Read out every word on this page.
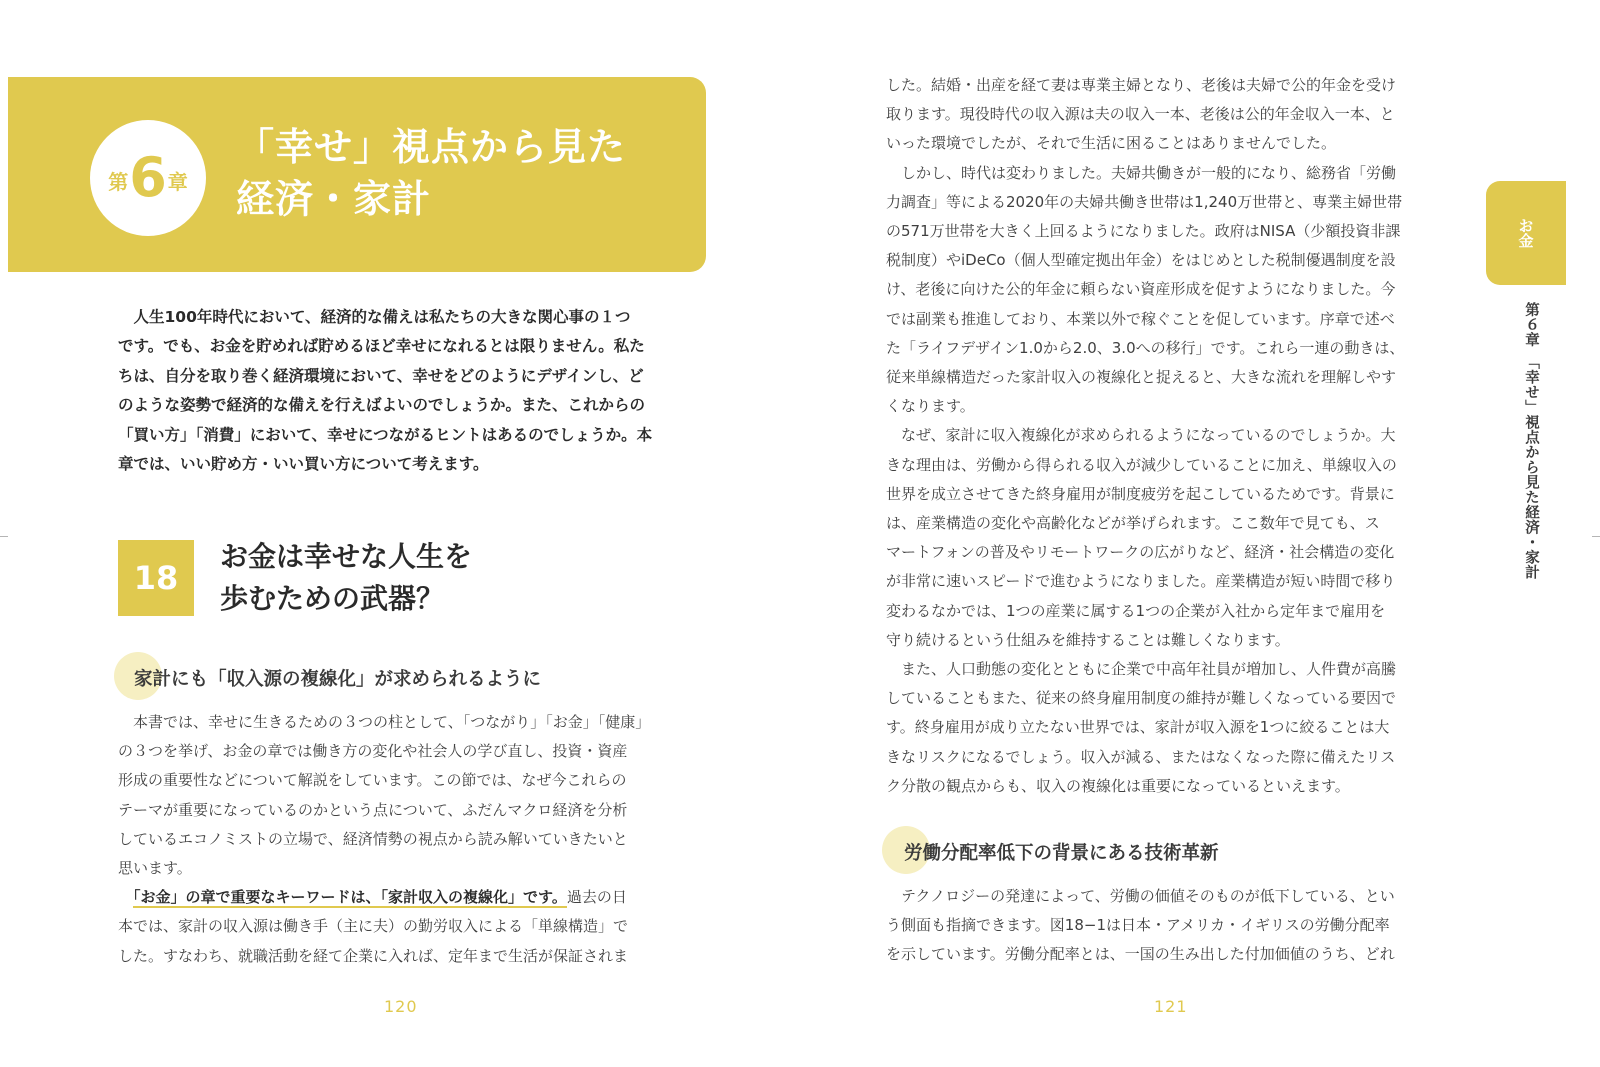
第 6 章
「幸せ」視点から見た
経済・家計
　人生100年時代において、経済的な備えは私たちの大きな関心事の１つ
です。でも、お金を貯めれば貯めるほど幸せになれるとは限りません。私た
ちは、自分を取り巻く経済環境において、幸せをどのようにデザインし、ど
のような姿勢で経済的な備えを行えばよいのでしょうか。また、これからの
「買い方」「消費」において、幸せにつながるヒントはあるのでしょうか。本
章では、いい貯め方・いい買い方について考えます。
18
お金は幸せな人生を
歩むための武器？
家計にも「収入源の複線化」が求められるように
　本書では、幸せに生きるための３つの柱として、「つながり」「お金」「健康」
の３つを挙げ、お金の章では働き方の変化や社会人の学び直し、投資・資産
形成の重要性などについて解説をしています。この節では、なぜ今これらの
テーマが重要になっているのかという点について、ふだんマクロ経済を分析
しているエコノミストの立場で、経済情勢の視点から読み解いていきたいと
思います。
　「お金」の章で重要なキーワードは、「家計収入の複線化」です。過去の日
本では、家計の収入源は働き手（主に夫）の勤労収入による「単線構造」で
した。すなわち、就職活動を経て企業に入れば、定年まで生活が保証されま
120
した。結婚・出産を経て妻は専業主婦となり、老後は夫婦で公的年金を受け
取ります。現役時代の収入源は夫の収入一本、老後は公的年金収入一本、と
いった環境でしたが、それで生活に困ることはありませんでした。
　しかし、時代は変わりました。夫婦共働きが一般的になり、総務省「労働
力調査」等による2020年の夫婦共働き世帯は1,240万世帯と、専業主婦世帯
の571万世帯を大きく上回るようになりました。政府はNISA（少額投資非課
税制度）やiDeCo（個人型確定拠出年金）をはじめとした税制優遇制度を設
け、老後に向けた公的年金に頼らない資産形成を促すようになりました。今
では副業も推進しており、本業以外で稼ぐことを促しています。序章で述べ
た「ライフデザイン1.0から2.0、3.0への移行」です。これら一連の動きは、
従来単線構造だった家計収入の複線化と捉えると、大きな流れを理解しやす
くなります。
　なぜ、家計に収入複線化が求められるようになっているのでしょうか。大
きな理由は、労働から得られる収入が減少していることに加え、単線収入の
世界を成立させてきた終身雇用が制度疲労を起こしているためです。背景に
は、産業構造の変化や高齢化などが挙げられます。ここ数年で見ても、ス
マートフォンの普及やリモートワークの広がりなど、経済・社会構造の変化
が非常に速いスピードで進むようになりました。産業構造が短い時間で移り
変わるなかでは、1つの産業に属する1つの企業が入社から定年まで雇用を
守り続けるという仕組みを維持することは難しくなります。
　また、人口動態の変化とともに企業で中高年社員が増加し、人件費が高騰
していることもまた、従来の終身雇用制度の維持が難しくなっている要因で
す。終身雇用が成り立たない世界では、家計が収入源を1つに絞ることは大
きなリスクになるでしょう。収入が減る、またはなくなった際に備えたリス
ク分散の観点からも、収入の複線化は重要になっているといえます。
労働分配率低下の背景にある技術革新
　テクノロジーの発達によって、労働の価値そのものが低下している、とい
う側面も指摘できます。図18−1は日本・アメリカ・イギリスの労働分配率
を示しています。労働分配率とは、一国の生み出した付加価値のうち、どれ
お金
第６章　「幸せ」視点から見た経済・家計
121
